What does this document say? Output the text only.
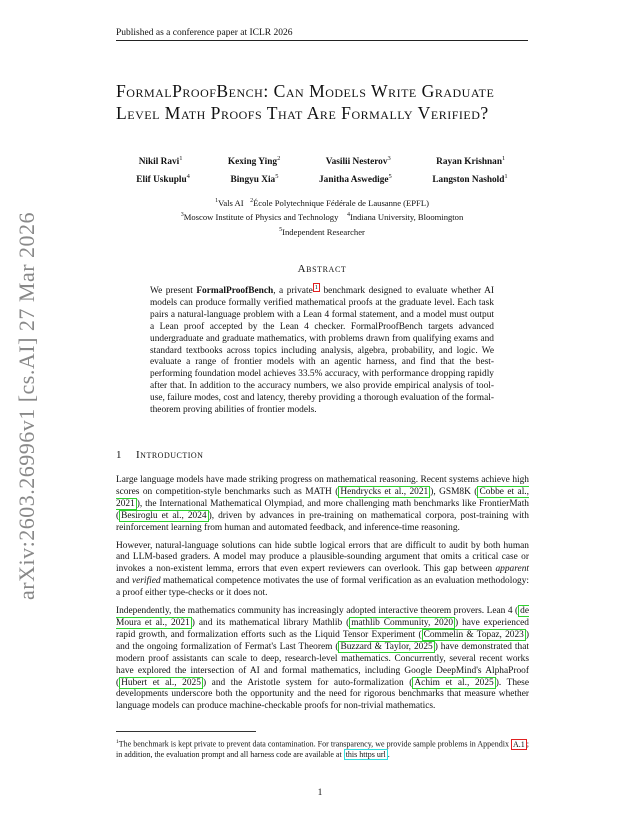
Published as a conference paper at ICLR 2026
arXiv:2603.26996v1 [cs.AI] 27 Mar 2026
FormalProofBench: Can Models Write Graduate Level Math Proofs That Are Formally Verified?
Nikil Ravi$^1$	Kexing Ying$^2$	Vasilii Nesterov$^3$	Rayan Krishnan$^1$
Elif Uskuplu$^4$	Bingyu Xia$^5$	Janitha Aswedige$^5$	Langston Nashold$^1$
$^1$Vals AI $^2$École Polytechnique Fédérale de Lausanne (EPFL)
$^3$Moscow Institute of Physics and Technology $^4$Indiana University, Bloomington
$^5$Independent Researcher
Abstract
We present FormalProofBench, a private $^1$ benchmark designed to evaluate whether AI models can produce formally verified mathematical proofs at the graduate level. Each task pairs a natural-language problem with a Lean 4 formal statement, and a model must output a Lean proof accepted by the Lean 4 checker. FormalProofBench targets advanced undergraduate and graduate mathematics, with problems drawn from qualifying exams and standard textbooks across topics including analysis, algebra, probability, and logic. We evaluate a range of frontier models with an agentic harness, and find that the best-performing foundation model achieves 33.5% accuracy, with performance dropping rapidly after that. In addition to the accuracy numbers, we also provide empirical analysis of tool-use, failure modes, cost and latency, thereby providing a thorough evaluation of the formal-theorem proving abilities of frontier models.
1 Introduction

Large language models have made striking progress on mathematical reasoning. Recent systems achieve high scores on competition-style benchmarks such as MATH ( Hendrycks et al., 2021 ), GSM8K ( Cobbe et al., 2021 ), the International Mathematical Olympiad, and more challenging math benchmarks like FrontierMath ( Besiroglu et al., 2024 ), driven by advances in pre-training on mathematical corpora, post-training with reinforcement learning from human and automated feedback, and inference-time reasoning.

However, natural-language solutions can hide subtle logical errors that are difficult to audit by both human and LLM-based graders. A model may produce a plausible-sounding argument that omits a critical case or invokes a non-existent lemma, errors that even expert reviewers can overlook. This gap between apparent and verified mathematical competence motivates the use of formal verification as an evaluation methodology: a proof either type-checks or it does not.

Independently, the mathematics community has increasingly adopted interactive theorem provers. Lean 4 ( de Moura et al., 2021 ) and its mathematical library Mathlib ( mathlib Community, 2020 ) have experienced rapid growth, and formalization efforts such as the Liquid Tensor Experiment ( Commelin & Topaz, 2023 ) and the ongoing formalization of Fermat's Last Theorem ( Buzzard & Taylor, 2025 ) have demonstrated that modern proof assistants can scale to deep, research-level mathematics. Concurrently, several recent works have explored the intersection of AI and formal mathematics, including Google DeepMind's AlphaProof ( Hubert et al., 2025 ) and the Aristotle system for auto-formalization ( Achim et al., 2025 ). These developments underscore both the opportunity and the need for rigorous benchmarks that measure whether language models can produce machine-checkable proofs for non-trivial mathematics.

$^1$The benchmark is kept private to prevent data contamination. For transparency, we provide sample problems in Appendix A.1 ; in addition, the evaluation prompt and all harness code are available at this https url .
1
